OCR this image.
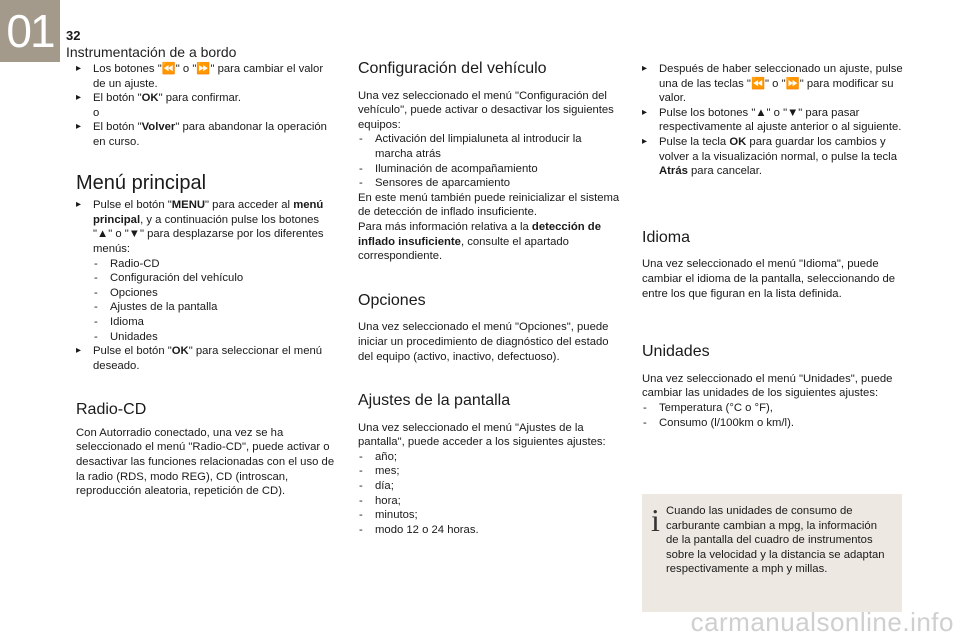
01 32
Instrumentación de a bordo

▸ Los botones "⏪" o "⏩" para cambiar el valor de un ajuste.

▸ El botón "OK" para confirmar.

o

▸ El botón "Volver" para abandonar la operación en curso.

Menú principal

▸ Pulse el botón "MENU" para acceder al menú principal, y a continuación pulse los botones "▲" o "▼" para desplazarse por los diferentes menús:

- Radio-CD

- Configuración del vehículo

- Opciones

- Ajustes de la pantalla

- Idioma

- Unidades

▸ Pulse el botón "OK" para seleccionar el menú deseado.

Radio-CD

Con Autorradio conectado, una vez se ha seleccionado el menú "Radio-CD", puede activar o desactivar las funciones relacionadas con el uso de la radio (RDS, modo REG), CD (introscan, reproducción aleatoria, repetición de CD).

Configuración del vehículo

Una vez seleccionado el menú "Configuración del vehículo", puede activar o desactivar los siguientes equipos:

- Activación del limpialuneta al introducir la marcha atrás

- Iluminación de acompañamiento

- Sensores de aparcamiento

En este menú también puede reinicializar el sistema de detección de inflado insuficiente.

Para más información relativa a la detección de inflado insuficiente, consulte el apartado correspondiente.

Opciones

Una vez seleccionado el menú "Opciones", puede iniciar un procedimiento de diagnóstico del estado del equipo (activo, inactivo, defectuoso).

Ajustes de la pantalla

Una vez seleccionado el menú "Ajustes de la pantalla", puede acceder a los siguientes ajustes:

- año;

- mes;

- día;

- hora;

- minutos;

- modo 12 o 24 horas.

▸ Después de haber seleccionado un ajuste, pulse una de las teclas "⏪" o "⏩" para modificar su valor.

▸ Pulse los botones "▲" o "▼" para pasar respectivamente al ajuste anterior o al siguiente.

▸ Pulse la tecla OK para guardar los cambios y volver a la visualización normal, o pulse la tecla Atrás para cancelar.

Idioma

Una vez seleccionado el menú "Idioma", puede cambiar el idioma de la pantalla, seleccionando de entre los que figuran en la lista definida.

Unidades

Una vez seleccionado el menú "Unidades", puede cambiar las unidades de los siguientes ajustes:

- Temperatura (°C o °F),

- Consumo (l/100km o km/l).

i Cuando las unidades de consumo de carburante cambian a mpg, la información de la pantalla del cuadro de instrumentos sobre la velocidad y la distancia se adaptan respectivamente a mph y millas.
carmanualsonline.info
